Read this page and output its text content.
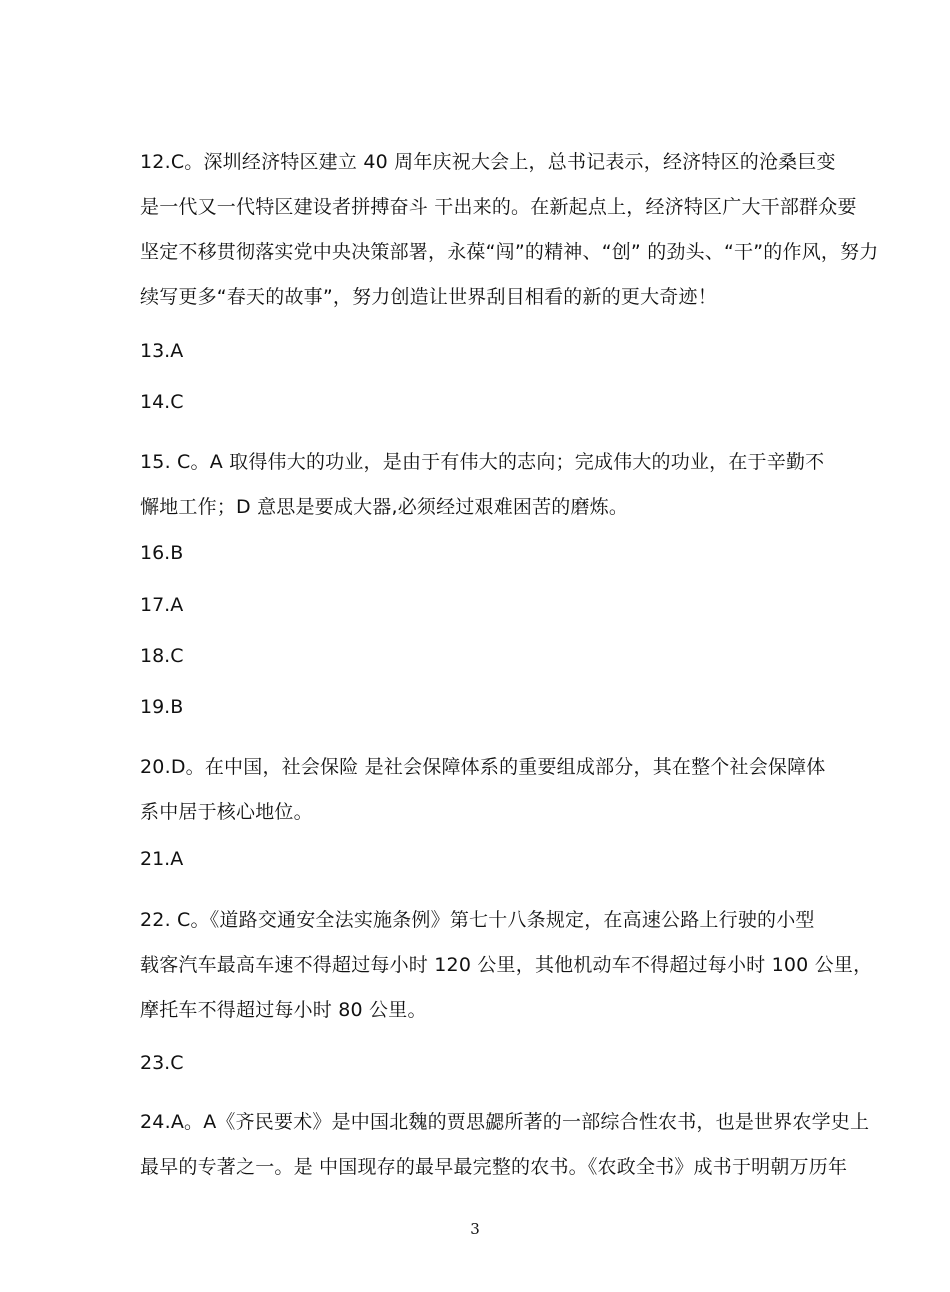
12.C。深圳经济特区建立 40 周年庆祝大会上，总书记表示，经济特区的沧桑巨变
是一代又一代特区建设者拼搏奋斗 干出来的。在新起点上，经济特区广大干部群众要
坚定不移贯彻落实党中央决策部署，永葆“闯”的精神、“创” 的劲头、“干”的作风，努力
续写更多“春天的故事”，努力创造让世界刮目相看的新的更大奇迹！

13.A

14.C

15. C。A 取得伟大的功业，是由于有伟大的志向；完成伟大的功业，在于辛勤不
懈地工作；D 意思是要成大器,必须经过艰难困苦的磨炼。

16.B

17.A

18.C

19.B

20.D。在中国，社会保险 是社会保障体系的重要组成部分，其在整个社会保障体
系中居于核心地位。

21.A

22. C。《道路交通安全法实施条例》第七十八条规定，在高速公路上行驶的小型
载客汽车最高车速不得超过每小时 120 公里，其他机动车不得超过每小时 100 公里，
摩托车不得超过每小时 80 公里。

23.C

24.A。A《齐民要术》是中国北魏的贾思勰所著的一部综合性农书，也是世界农学史上
最早的专著之一。是 中国现存的最早最完整的农书。《农政全书》成书于明朝万历年
3
